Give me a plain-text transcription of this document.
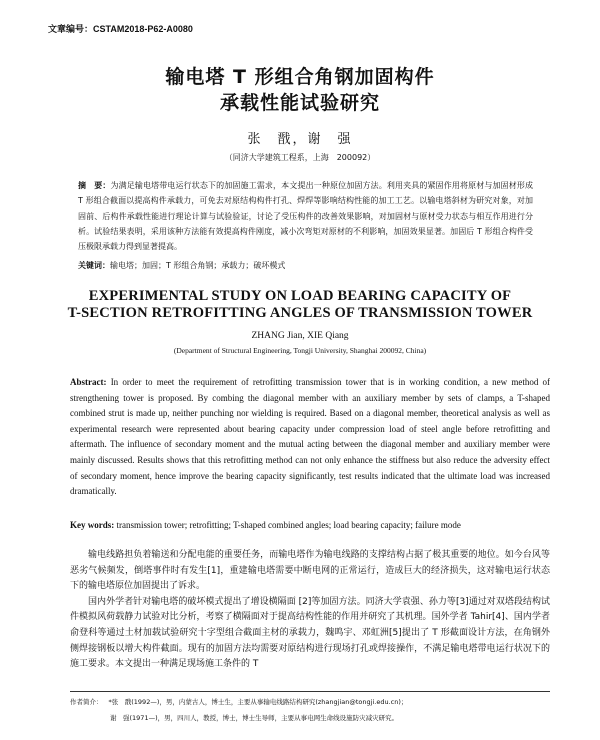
文章编号：CSTAM2018-P62-A0080
输电塔 T 形组合角钢加固构件
承载性能试验研究
张　戬，谢　强
（同济大学建筑工程系，上海　200092）
摘　要：为满足输电塔带电运行状态下的加固施工需求，本文提出一种原位加固方法。利用夹具的紧固作用将原材与加固材形成 T 形组合截面以提高构件承载力，可免去对原结构构件打孔、焊焊等影响结构性能的加工工艺。以输电塔斜材为研究对象，对加固前、后构件承载性能进行理论计算与试验验证，讨论了受压构件的改善效果影响，对加固材与原材受力状态与相互作用进行分析。试验结果表明，采用该种方法能有效提高构件刚度，减小次弯矩对原材的不利影响，加固效果显著。加固后 T 形组合构件受压极限承载力得到显著提高。
关键词：输电塔；加固；T 形组合角钢；承载力；破坏模式
EXPERIMENTAL STUDY ON LOAD BEARING CAPACITY OF
T-SECTION RETROFITTING ANGLES OF TRANSMISSION TOWER
ZHANG Jian, XIE Qiang
(Department of Structural Engineering, Tongji University, Shanghai 200092, China)
Abstract: In order to meet the requirement of retrofitting transmission tower that is in working condition, a new method of strengthening tower is proposed. By combing the diagonal member with an auxiliary member by sets of clamps, a T-shaped combined strut is made up, neither punching nor wielding is required. Based on a diagonal member, theoretical analysis as well as experimental research were represented about bearing capacity under compression load of steel angle before retrofitting and aftermath. The influence of secondary moment and the mutual acting between the diagonal member and auxiliary member were mainly discussed. Results shows that this retrofitting method can not only enhance the stiffness but also reduce the adversity effect of secondary moment, hence improve the bearing capacity significantly, test results indicated that the ultimate load was increased dramatically.
Key words: transmission tower; retrofitting; T-shaped combined angles; load bearing capacity; failure mode

输电线路担负着输送和分配电能的重要任务，而输电塔作为输电线路的支撑结构占据了极其重要的地位。如今台风等恶劣气候频发，倒塔事件时有发生[1]，重建输电塔需要中断电网的正常运行，造成巨大的经济损失，这对输电运行状态下的输电塔原位加固提出了诉求。

国内外学者针对输电塔的破坏模式提出了增设横隔面 [2]等加固方法。同济大学袁强、孙力等[3]通过对双塔段结构试件模拟风荷载静力试验对比分析，考察了横隔面对于提高结构性能的作用并研究了其机理。国外学者 Tahir[4]、国内学者俞登科等通过土材加载试验研究十字型组合截面主材的承载力，魏鸣宇、邓虹洲[5]提出了 T 形截面设计方法，在角钢外侧焊接钢板以增大构件截面。现有的加固方法均需要对原结构进行现场打孔或焊接操作，不满足输电塔带电运行状况下的施工要求。本文提出一种满足现场施工条件的 T

作者简介： *张　戬(1992—)，男，内蒙古人，博士生，主要从事输电线路结构研究(zhangjian@tongji.edu.cn)；
谢　强(1971—)，男，四川人，教授，博士，博士生导师，主要从事电网生命线设施防灾减灾研究。
